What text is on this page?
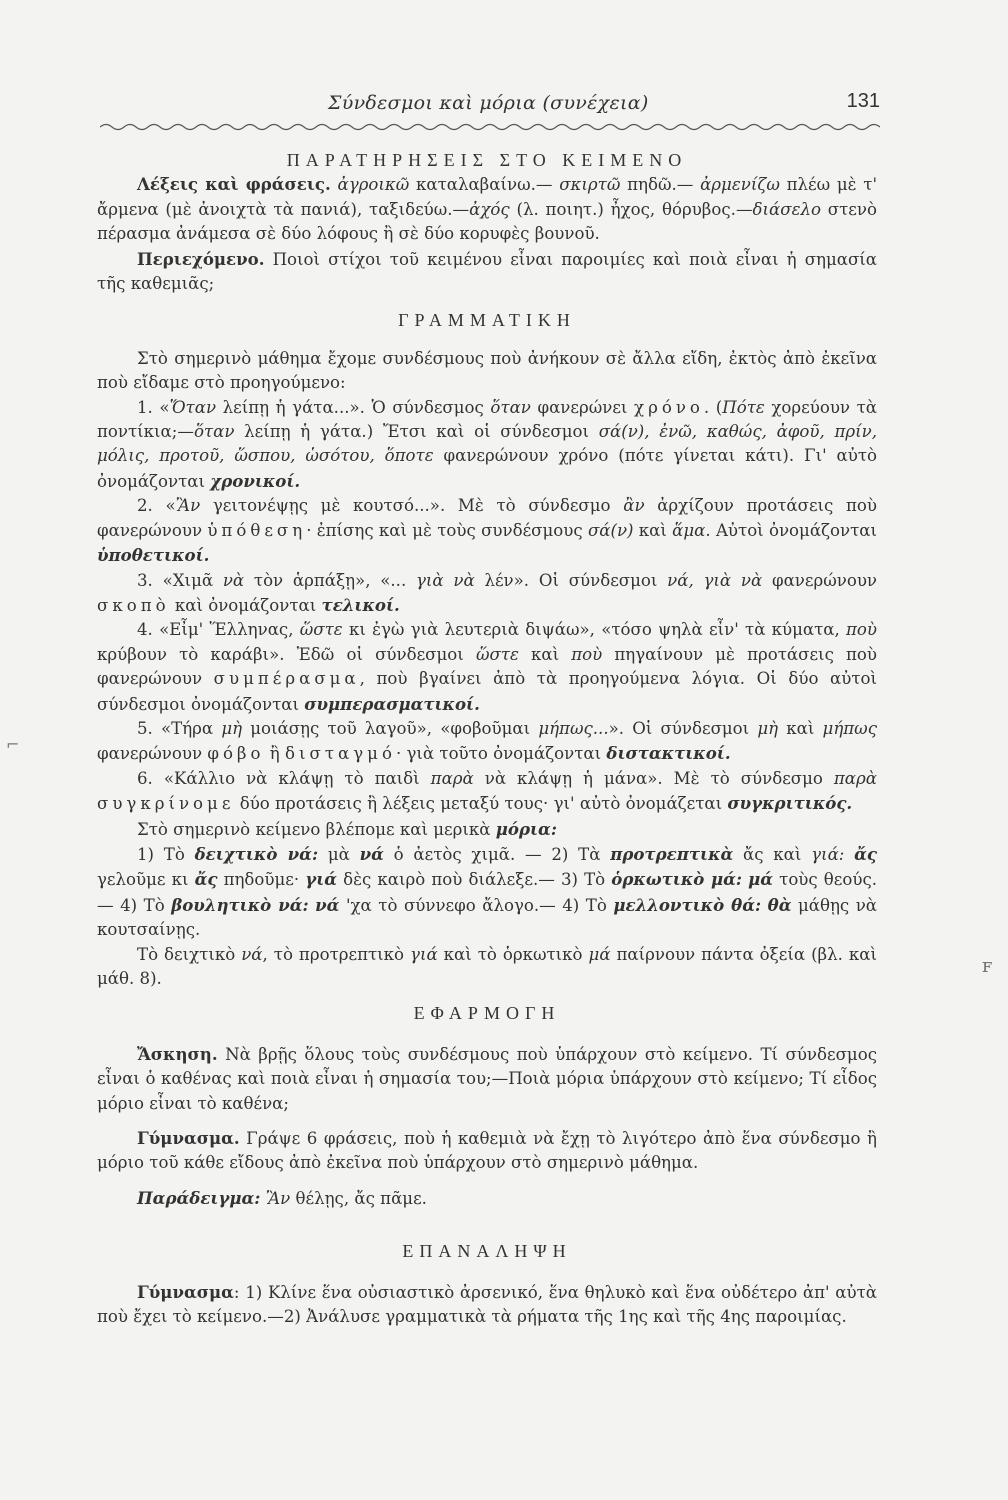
Σύνδεσμοι καὶ μόρια (συνέχεια)	131

ΠΑΡΑΤΗΡΗΣΕΙΣ ΣΤΟ ΚΕΙΜΕΝΟ

Λέξεις καὶ φράσεις. ἀγροικῶ καταλαβαίνω.— σκιρτῶ πηδῶ.— ἀρμενίζω πλέω μὲ τ' ἄρμενα (μὲ ἀνοιχτὰ τὰ πανιά), ταξιδεύω.—ἀχός (λ. ποιητ.) ἦχος, θόρυβος.—διάσελο στενὸ πέρασμα ἀνάμεσα σὲ δύο λόφους ἢ σὲ δύο κορυφὲς βουνοῦ.

Περιεχόμενο. Ποιοὶ στίχοι τοῦ κειμένου εἶναι παροιμίες καὶ ποιὰ εἶναι ἡ σημασία τῆς καθεμιᾶς;

ΓΡΑΜΜΑΤΙΚΗ

Στὸ σημερινὸ μάθημα ἔχομε συνδέσμους ποὺ ἀνήκουν σὲ ἄλλα εἴδη, ἐκτὸς ἀπὸ ἐκεῖνα ποὺ εἴδαμε στὸ προηγούμενο:

1. «Ὅταν λείπῃ ἡ γάτα...». Ὁ σύνδεσμος ὅταν φανερώνει χρόνο. (Πότε χορεύουν τὰ ποντίκια;—ὅταν λείπῃ ἡ γάτα.) Ἔτσι καὶ οἱ σύνδεσμοι σά(ν), ἐνῶ, καθώς, ἀφοῦ, πρίν, μόλις, προτοῦ, ὥσπου, ὡσότου, ὅποτε φανερώνουν χρόνο (πότε γίνεται κάτι). Γι' αὐτὸ ὀνομάζονται χρονικοί.

2. «Ἂν γειτονέψῃς μὲ κουτσό...». Μὲ τὸ σύνδεσμο ἂν ἀρχίζουν προτάσεις ποὺ φανερώνουν ὑπόθεση· ἐπίσης καὶ μὲ τοὺς συνδέσμους σά(ν) καὶ ἅμα. Αὐτοὶ ὀνομάζονται ὑποθετικοί.

3. «Χιμᾶ νὰ τὸν ἁρπάξῃ», «... γιὰ νὰ λέν». Οἱ σύνδεσμοι νά, γιὰ νὰ φανερώνουν σκοπὸ καὶ ὀνομάζονται τελικοί.

4. «Εἶμ' Ἕλληνας, ὥστε κι ἐγὼ γιὰ λευτεριὰ διψάω», «τόσο ψηλὰ εἶν' τὰ κύματα, ποὺ κρύβουν τὸ καράβι». Ἐδῶ οἱ σύνδεσμοι ὥστε καὶ ποὺ πηγαίνουν μὲ προτάσεις ποὺ φανερώνουν συμπέρασμα, ποὺ βγαίνει ἀπὸ τὰ προηγούμενα λόγια. Οἱ δύο αὐτοὶ σύνδεσμοι ὀνομάζονται συμπερασματικοί.

5. «Τήρα μὴ μοιάσῃς τοῦ λαγοῦ», «φοβοῦμαι μήπως...». Οἱ σύνδεσμοι μὴ καὶ μήπως φανερώνουν φόβο ἢ δισταγμό· γιὰ τοῦτο ὀνομάζονται διστακτικοί.

6. «Κάλλιο νὰ κλάψῃ τὸ παιδὶ παρὰ νὰ κλάψῃ ἡ μάνα». Μὲ τὸ σύνδεσμο παρὰ συγκρίνομε δύο προτάσεις ἢ λέξεις μεταξύ τους· γι' αὐτὸ ὀνομάζεται συγκριτικός.

Στὸ σημερινὸ κείμενο βλέπομε καὶ μερικὰ μόρια:

1) Τὸ δειχτικὸ νά: μὰ νά ὁ ἀετὸς χιμᾶ. — 2) Τὰ προτρεπτικὰ ἄς καὶ γιά: ἄς γελοῦμε κι ἄς πηδοῦμε· γιά δὲς καιρὸ ποὺ διάλεξε.— 3) Τὸ ὁρκωτικὸ μά: μά τοὺς θεούς.— 4) Τὸ βουλητικὸ νά: νά 'χα τὸ σύννεφο ἄλογο.— 4) Τὸ μελλοντικὸ θά: θὰ μάθῃς νὰ κουτσαίνῃς.

Τὸ δειχτικὸ νά, τὸ προτρεπτικὸ γιά καὶ τὸ ὁρκωτικὸ μά παίρνουν πάντα ὀξεία (βλ. καὶ μάθ. 8).

ΕΦΑΡΜΟΓΗ

Ἄσκηση. Νὰ βρῇς ὅλους τοὺς συνδέσμους ποὺ ὑπάρχουν στὸ κείμενο. Τί σύνδεσμος εἶναι ὁ καθένας καὶ ποιὰ εἶναι ἡ σημασία του;—Ποιὰ μόρια ὑπάρχουν στὸ κείμενο; Τί εἶδος μόριο εἶναι τὸ καθένα;

Γύμνασμα. Γράψε 6 φράσεις, ποὺ ἡ καθεμιὰ νὰ ἔχῃ τὸ λιγότερο ἀπὸ ἕνα σύνδεσμο ἢ μόριο τοῦ κάθε εἴδους ἀπὸ ἐκεῖνα ποὺ ὑπάρχουν στὸ σημερινὸ μάθημα.

Παράδειγμα: Ἂν θέλῃς, ἄς πᾶμε.

ΕΠΑΝΑΛΗΨΗ

Γύμνασμα: 1) Κλίνε ἕνα οὐσιαστικὸ ἀρσενικό, ἕνα θηλυκὸ καὶ ἕνα οὐδέτερο ἀπ' αὐτὰ ποὺ ἔχει τὸ κείμενο.—2) Ἀνάλυσε γραμματικὰ τὰ ρήματα τῆς 1ης καὶ τῆς 4ης παροιμίας.

⌐
ꜰ
